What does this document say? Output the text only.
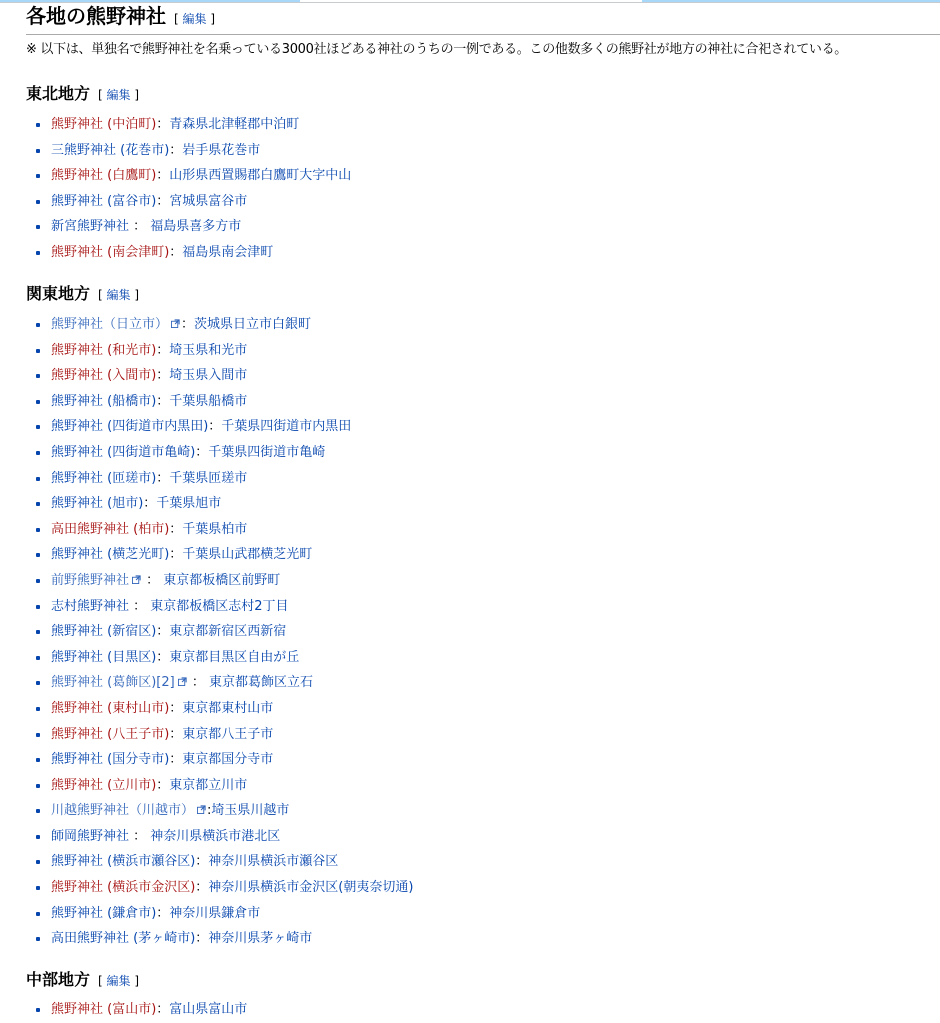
各地の熊野神社 [ 編集 ]
※ 以下は、単独名で熊野神社を名乗っている3000社ほどある神社のうちの一例である。この他数多くの熊野社が地方の神社に合祀されている。
東北地方 [ 編集 ]
熊野神社 (中泊町)：青森県北津軽郡中泊町
三熊野神社 (花巻市)：岩手県花巻市
熊野神社 (白鷹町)：山形県西置賜郡白鷹町大字中山
熊野神社 (富谷市)：宮城県富谷市
新宮熊野神社 ： 福島県喜多方市
熊野神社 (南会津町)：福島県南会津町
関東地方 [ 編集 ]
熊野神社（日立市） ：茨城県日立市白銀町
熊野神社 (和光市)：埼玉県和光市
熊野神社 (入間市)：埼玉県入間市
熊野神社 (船橋市)：千葉県船橋市
熊野神社 (四街道市内黒田)：千葉県四街道市内黒田
熊野神社 (四街道市亀崎)：千葉県四街道市亀崎
熊野神社 (匝瑳市)：千葉県匝瑳市
熊野神社 (旭市)：千葉県旭市
高田熊野神社 (柏市)：千葉県柏市
熊野神社 (横芝光町)：千葉県山武郡横芝光町
前野熊野神社 ： 東京都板橋区前野町
志村熊野神社 ： 東京都板橋区志村2丁目
熊野神社 (新宿区)：東京都新宿区西新宿
熊野神社 (目黒区)：東京都目黒区自由が丘
熊野神社 (葛飾区)[2] ： 東京都葛飾区立石
熊野神社 (東村山市)：東京都東村山市
熊野神社 (八王子市)：東京都八王子市
熊野神社 (国分寺市)：東京都国分寺市
熊野神社 (立川市)：東京都立川市
川越熊野神社（川越市） :埼玉県川越市
師岡熊野神社 ： 神奈川県横浜市港北区
熊野神社 (横浜市瀬谷区)：神奈川県横浜市瀬谷区
熊野神社 (横浜市金沢区)：神奈川県横浜市金沢区(朝夷奈切通)
熊野神社 (鎌倉市)：神奈川県鎌倉市
高田熊野神社 (茅ヶ崎市)：神奈川県茅ヶ崎市
中部地方 [ 編集 ]
熊野神社 (富山市)：富山県富山市
